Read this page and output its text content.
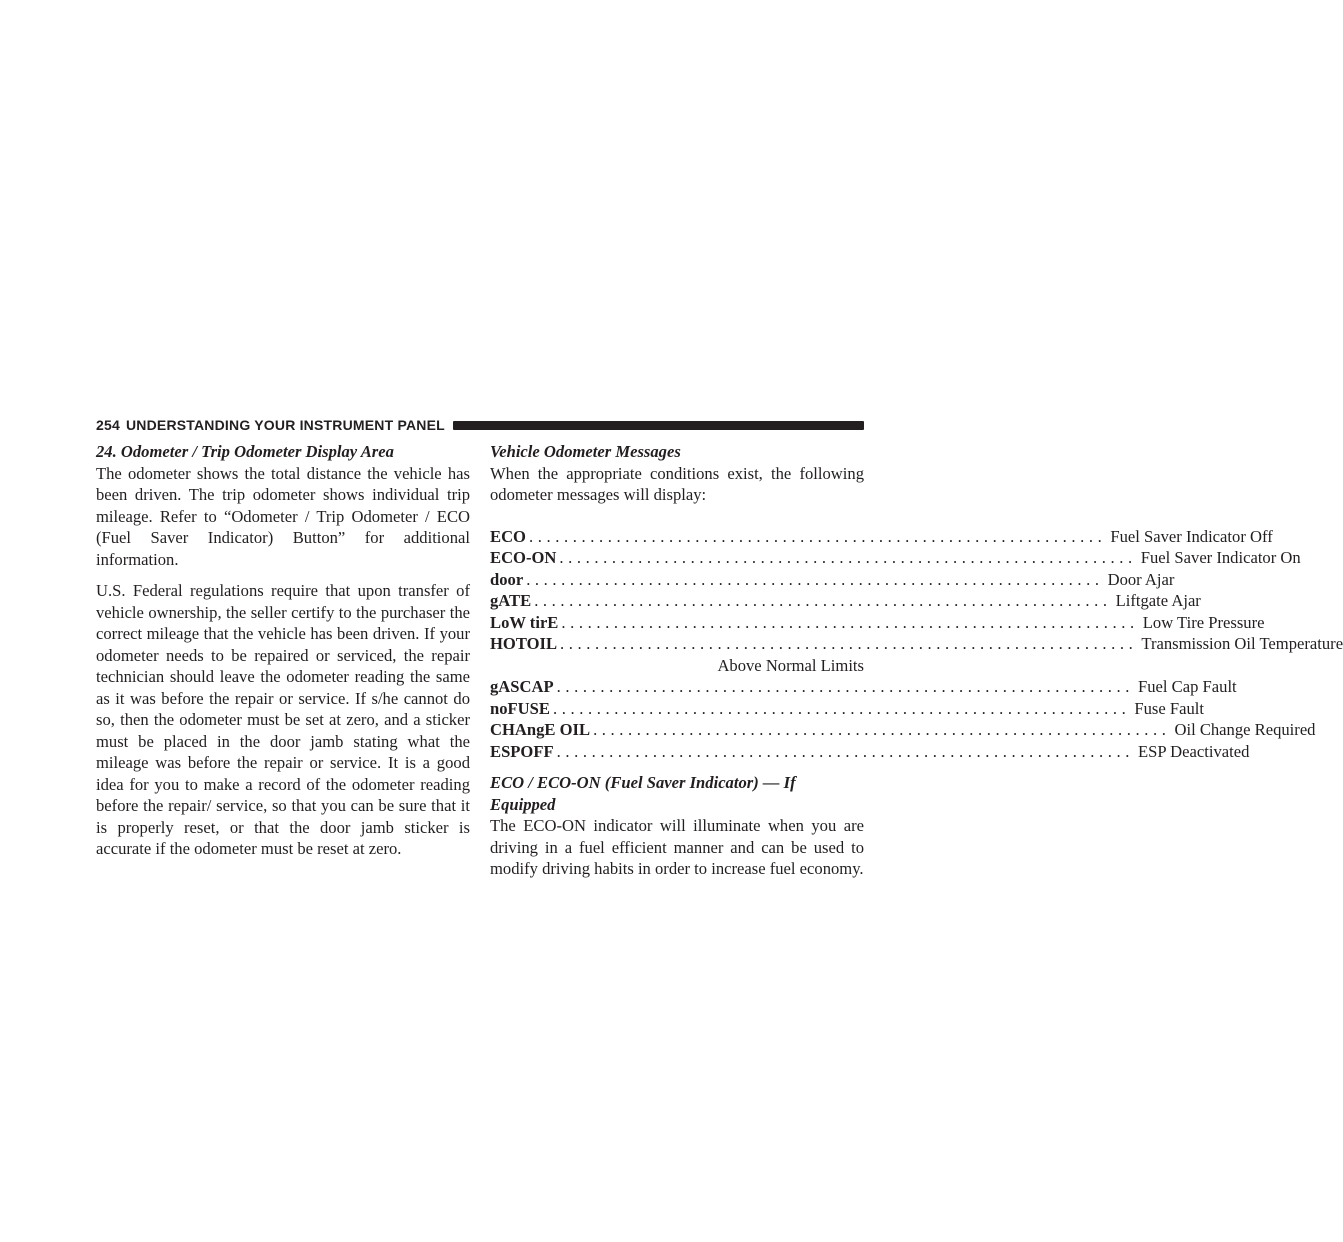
254 UNDERSTANDING YOUR INSTRUMENT PANEL

24. Odometer / Trip Odometer Display Area

The odometer shows the total distance the vehicle has been driven. The trip odometer shows individual trip mileage. Refer to “Odometer / Trip Odometer / ECO (Fuel Saver Indicator) Button” for additional information.

U.S. Federal regulations require that upon transfer of vehicle ownership, the seller certify to the purchaser the correct mileage that the vehicle has been driven. If your odometer needs to be repaired or serviced, the repair technician should leave the odometer reading the same as it was before the repair or service. If s/he cannot do so, then the odometer must be set at zero, and a sticker must be placed in the door jamb stating what the mileage was before the repair or service. It is a good idea for you to make a record of the odometer reading before the repair/ service, so that you can be sure that it is properly reset, or that the door jamb sticker is accurate if the odometer must be reset at zero.

Vehicle Odometer Messages

When the appropriate conditions exist, the following odometer messages will display:

ECO .................................................................. Fuel Saver Indicator Off
ECO-ON .................................................................. Fuel Saver Indicator On
door .................................................................. Door Ajar
gATE .................................................................. Liftgate Ajar
LoW tirE .................................................................. Low Tire Pressure
HOTOIL .................................................................. Transmission Oil Temperature
Above Normal Limits
gASCAP .................................................................. Fuel Cap Fault
noFUSE .................................................................. Fuse Fault
CHAngE OIL .................................................................. Oil Change Required
ESPOFF .................................................................. ESP Deactivated

ECO / ECO-ON (Fuel Saver Indicator) — If Equipped

The ECO-ON indicator will illuminate when you are driving in a fuel efficient manner and can be used to modify driving habits in order to increase fuel economy.
